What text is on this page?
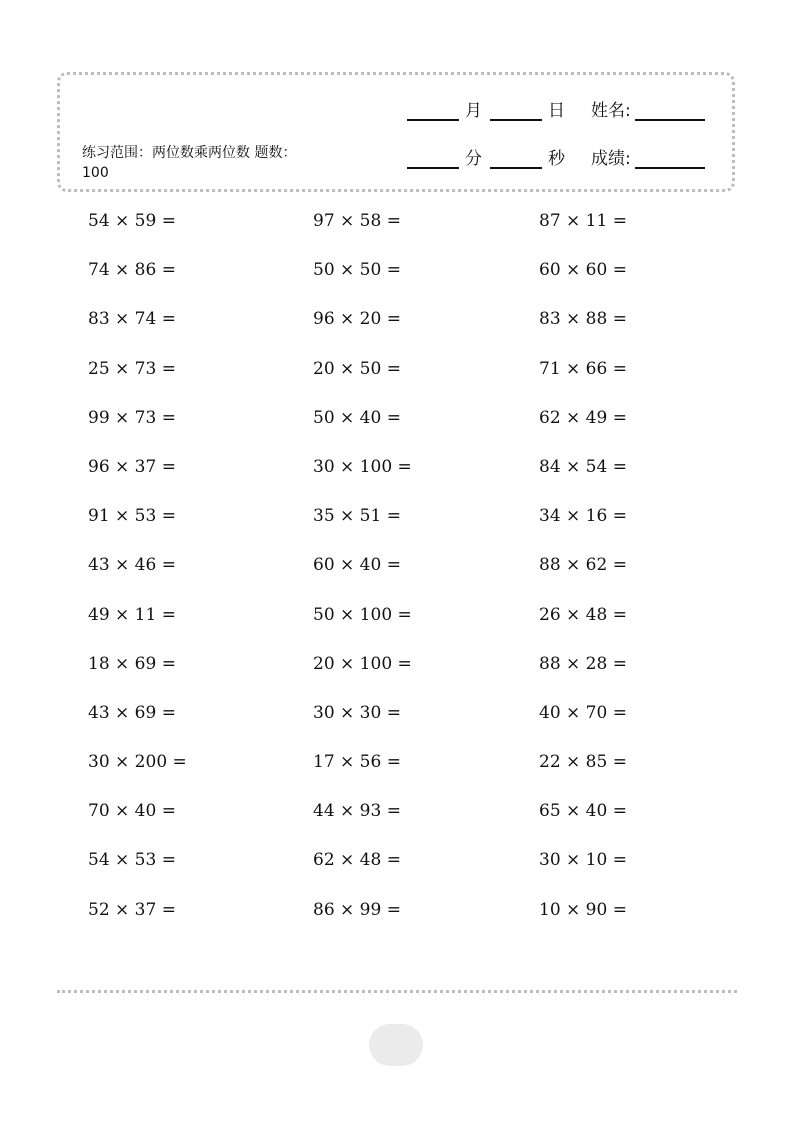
练习范围：两位数乘两位数 题数：100
月	日 姓名:
分	秒 成绩:
54 × 59 =	97 × 58 =	87 × 11 =
74 × 86 =	50 × 50 =	60 × 60 =
83 × 74 =	96 × 20 =	83 × 88 =
25 × 73 =	20 × 50 =	71 × 66 =
99 × 73 =	50 × 40 =	62 × 49 =
96 × 37 =	30 × 100 =	84 × 54 =
91 × 53 =	35 × 51 =	34 × 16 =
43 × 46 =	60 × 40 =	88 × 62 =
49 × 11 =	50 × 100 =	26 × 48 =
18 × 69 =	20 × 100 =	88 × 28 =
43 × 69 =	30 × 30 =	40 × 70 =
30 × 200 =	17 × 56 =	22 × 85 =
70 × 40 =	44 × 93 =	65 × 40 =
54 × 53 =	62 × 48 =	30 × 10 =
52 × 37 =	86 × 99 =	10 × 90 =
